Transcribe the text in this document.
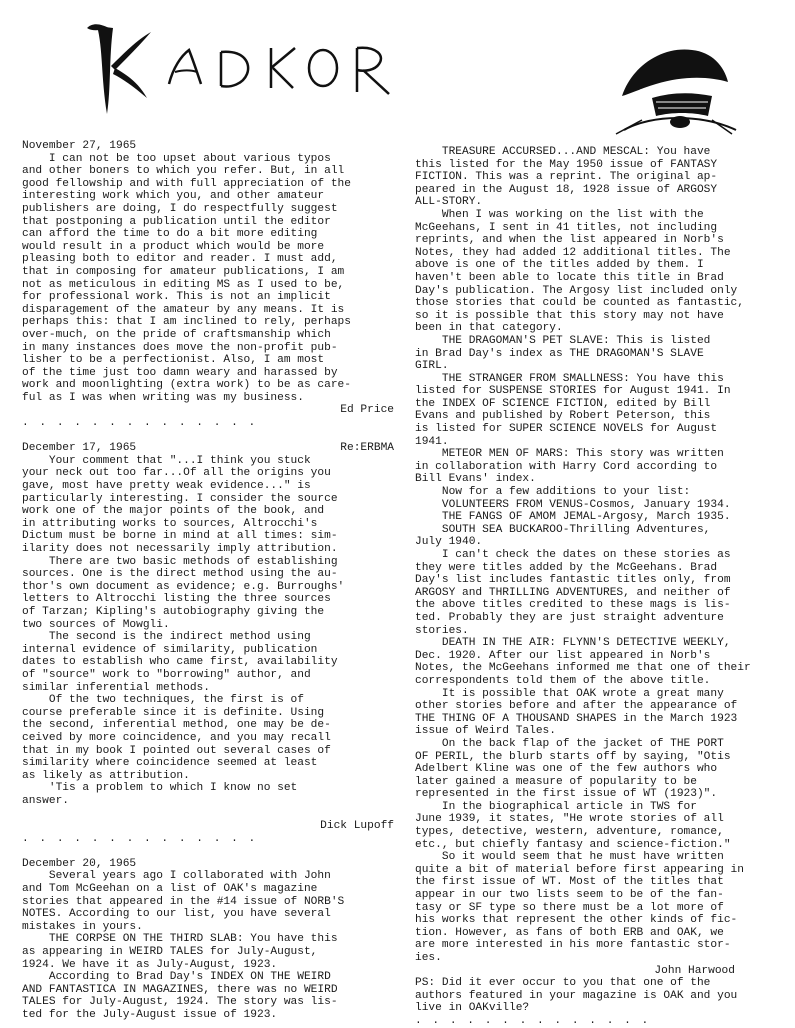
November 27, 1965
I can not be too upset about various typos
and other boners to which you refer. But, in all
good fellowship and with full appreciation of the
interesting work which you, and other amateur
publishers are doing, I do respectfully suggest
that postponing a publication until the editor
can afford the time to do a bit more editing
would result in a product which would be more
pleasing both to editor and reader. I must add,
that in composing for amateur publications, I am
not as meticulous in editing MS as I used to be,
for professional work. This is not an implicit
disparagement of the amateur by any means. It is
perhaps this: that I am inclined to rely, perhaps
over-much, on the pride of craftsmanship which
in many instances does move the non-profit pub-
lisher to be a perfectionist. Also, I am most
of the time just too damn weary and harassed by
work and moonlighting (extra work) to be as care-
ful as I was when writing was my business.
Ed Price
. . . . . . . . . . . . . .
December 17, 1965	Re:ERBMA
Your comment that "...I think you stuck
your neck out too far...Of all the origins you
gave, most have pretty weak evidence..." is
particularly interesting. I consider the source
work one of the major points of the book, and
in attributing works to sources, Altrocchi's
Dictum must be borne in mind at all times: sim-
ilarity does not necessarily imply attribution.
There are two basic methods of establishing
sources. One is the direct method using the au-
thor's own document as evidence; e.g. Burroughs'
letters to Altrocchi listing the three sources
of Tarzan; Kipling's autobiography giving the
two sources of Mowgli.
The second is the indirect method using
internal evidence of similarity, publication
dates to establish who came first, availability
of "source" work to "borrowing" author, and
similar inferential methods.
Of the two techniques, the first is of
course preferable since it is definite. Using
the second, inferential method, one may be de-
ceived by more coincidence, and you may recall
that in my book I pointed out several cases of
similarity where coincidence seemed at least
as likely as attribution.
'Tis a problem to which I know no set
answer.
Dick Lupoff
. . . . . . . . . . . . . .
December 20, 1965
Several years ago I collaborated with John
and Tom McGeehan on a list of OAK's magazine
stories that appeared in the #14 issue of NORB'S
NOTES. According to our list, you have several
mistakes in yours.
THE CORPSE ON THE THIRD SLAB: You have this
as appearing in WEIRD TALES for July-August,
1924. We have it as July-August, 1923.
According to Brad Day's INDEX ON THE WEIRD
AND FANTASTICA IN MAGAZINES, there was no WEIRD
TALES for July-August, 1924. The story was lis-
ted for the July-August issue of 1923.
TREASURE ACCURSED...AND MESCAL: You have
this listed for the May 1950 issue of FANTASY
FICTION. This was a reprint. The original ap-
peared in the August 18, 1928 issue of ARGOSY
ALL-STORY.
When I was working on the list with the
McGeehans, I sent in 41 titles, not including
reprints, and when the list appeared in Norb's
Notes, they had added 12 additional titles. The
above is one of the titles added by them. I
haven't been able to locate this title in Brad
Day's publication. The Argosy list included only
those stories that could be counted as fantastic,
so it is possible that this story may not have
been in that category.
THE DRAGOMAN'S PET SLAVE: This is listed
in Brad Day's index as THE DRAGOMAN'S SLAVE
GIRL.
THE STRANGER FROM SMALLNESS: You have this
listed for SUSPENSE STORIES for August 1941. In
the INDEX OF SCIENCE FICTION, edited by Bill
Evans and published by Robert Peterson, this
is listed for SUPER SCIENCE NOVELS for August
1941.
METEOR MEN OF MARS: This story was written
in collaboration with Harry Cord according to
Bill Evans' index.
Now for a few additions to your list:
VOLUNTEERS FROM VENUS-Cosmos, January 1934.
THE FANGS OF AMOM JEMAL-Argosy, March 1935.
SOUTH SEA BUCKAROO-Thrilling Adventures,
July 1940.
I can't check the dates on these stories as
they were titles added by the McGeehans. Brad
Day's list includes fantastic titles only, from
ARGOSY and THRILLING ADVENTURES, and neither of
the above titles credited to these mags is lis-
ted. Probably they are just straight adventure
stories.
DEATH IN THE AIR: FLYNN'S DETECTIVE WEEKLY,
Dec. 1920. After our list appeared in Norb's
Notes, the McGeehans informed me that one of their
correspondents told them of the above title.
It is possible that OAK wrote a great many
other stories before and after the appearance of
THE THING OF A THOUSAND SHAPES in the March 1923
issue of Weird Tales.
On the back flap of the jacket of THE PORT
OF PERIL, the blurb starts off by saying, "Otis
Adelbert Kline was one of the few authors who
later gained a measure of popularity to be
represented in the first issue of WT (1923)".
In the biographical article in TWS for
June 1939, it states, "He wrote stories of all
types, detective, western, adventure, romance,
etc., but chiefly fantasy and science-fiction."
So it would seem that he must have written
quite a bit of material before first appearing in
the first issue of WT. Most of the titles that
appear in our two lists seem to be of the fan-
tasy or SF type so there must be a lot more of
his works that represent the other kinds of fic-
tion. However, as fans of both ERB and OAK, we
are more interested in his more fantastic stor-
ies.
John Harwood
PS: Did it ever occur to you that one of the
authors featured in your magazine is OAK and you
live in OAKville?
. . . . . . . . . . . . . .
